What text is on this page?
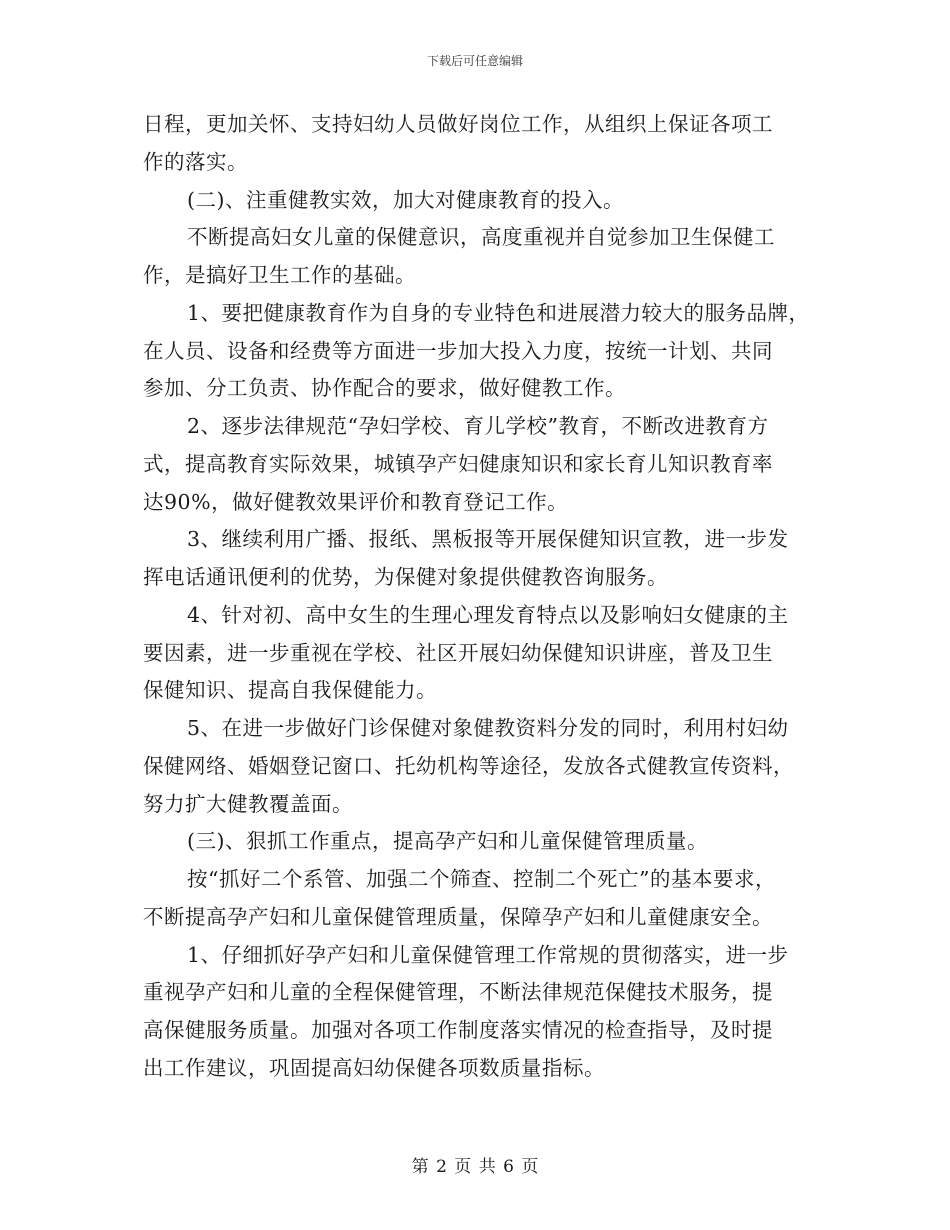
下载后可任意编辑
日程，更加关怀、支持妇幼人员做好岗位工作，从组织上保证各项工
作的落实。
(二)、注重健教实效，加大对健康教育的投入。
不断提高妇女儿童的保健意识，高度重视并自觉参加卫生保健工
作，是搞好卫生工作的基础。
1、要把健康教育作为自身的专业特色和进展潜力较大的服务品牌，
在人员、设备和经费等方面进一步加大投入力度，按统一计划、共同
参加、分工负责、协作配合的要求，做好健教工作。
2、逐步法律规范“孕妇学校、育儿学校”教育，不断改进教育方
式，提高教育实际效果，城镇孕产妇健康知识和家长育儿知识教育率
达90%，做好健教效果评价和教育登记工作。
3、继续利用广播、报纸、黑板报等开展保健知识宣教，进一步发
挥电话通讯便利的优势，为保健对象提供健教咨询服务。
4、针对初、高中女生的生理心理发育特点以及影响妇女健康的主
要因素，进一步重视在学校、社区开展妇幼保健知识讲座，普及卫生
保健知识、提高自我保健能力。
5、在进一步做好门诊保健对象健教资料分发的同时，利用村妇幼
保健网络、婚姻登记窗口、托幼机构等途径，发放各式健教宣传资料，
努力扩大健教覆盖面。
(三)、狠抓工作重点，提高孕产妇和儿童保健管理质量。
按“抓好二个系管、加强二个筛查、控制二个死亡”的基本要求，
不断提高孕产妇和儿童保健管理质量，保障孕产妇和儿童健康安全。
1、仔细抓好孕产妇和儿童保健管理工作常规的贯彻落实，进一步
重视孕产妇和儿童的全程保健管理，不断法律规范保健技术服务，提
高保健服务质量。加强对各项工作制度落实情况的检查指导，及时提
出工作建议，巩固提高妇幼保健各项数质量指标。
第 2 页 共 6 页
